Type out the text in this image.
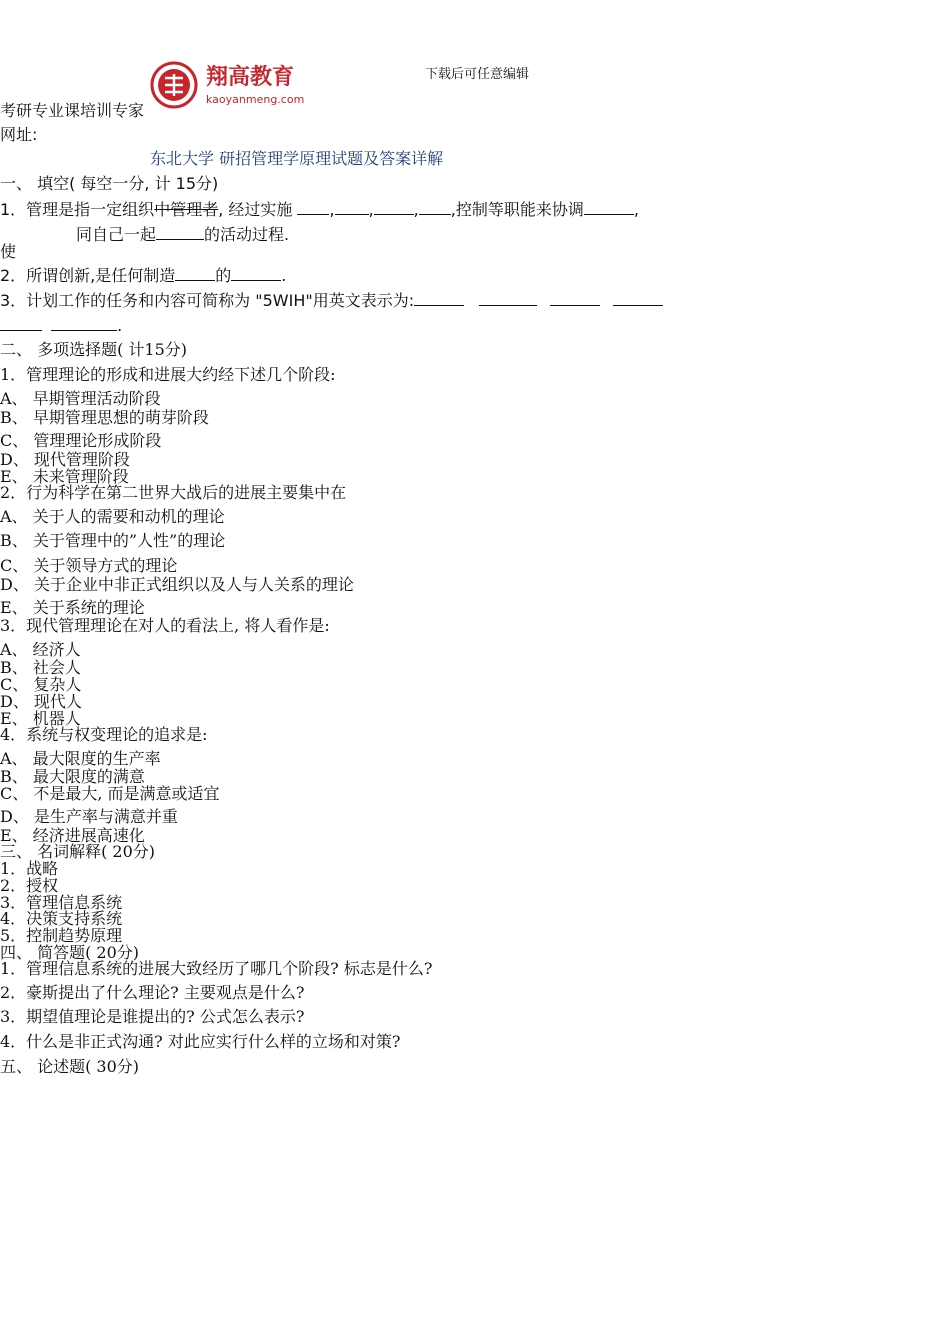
翔高教育
kaoyanmeng.com
下载后可任意编辑
考研专业课培训专家
网址:
东北大学 研招管理学原理试题及答案详解
一、 填空( 每空一分, 计 15分)
1．管理是指一定组织中管理者, 经过实施 , ,	, ,控制等职能来协调	,
同自己一起	的活动过程.
使
2．所谓创新,是任何制造	的	.
3．计划工作的任务和内容可简称为 "5WIH"用英文表示为:
.
二、 多项选择题( 计15分)
1．管理理论的形成和进展大约经下述几个阶段:
A、 早期管理活动阶段
B、 早期管理思想的萌芽阶段
C、 管理理论形成阶段
D、 现代管理阶段
E、 未来管理阶段
2．行为科学在第二世界大战后的进展主要集中在
A、 关于人的需要和动机的理论
B、 关于管理中的”人性”的理论
C、 关于领导方式的理论
D、 关于企业中非正式组织以及人与人关系的理论
E、 关于系统的理论
3．现代管理理论在对人的看法上, 将人看作是:
A、 经济人
B、 社会人
C、 复杂人
D、 现代人
E、 机器人
4．系统与权变理论的追求是:
A、 最大限度的生产率
B、 最大限度的满意
C、 不是最大, 而是满意或适宜
D、 是生产率与满意并重
E、 经济进展高速化
三、 名词解释( 20分)
1．战略
2．授权
3．管理信息系统
4．决策支持系统
5．控制趋势原理
四、 简答题( 20分)
1．管理信息系统的进展大致经历了哪几个阶段? 标志是什么?
2．豪斯提出了什么理论? 主要观点是什么?
3．期望值理论是谁提出的? 公式怎么表示?
4．什么是非正式沟通? 对此应实行什么样的立场和对策?
五、 论述题( 30分)
